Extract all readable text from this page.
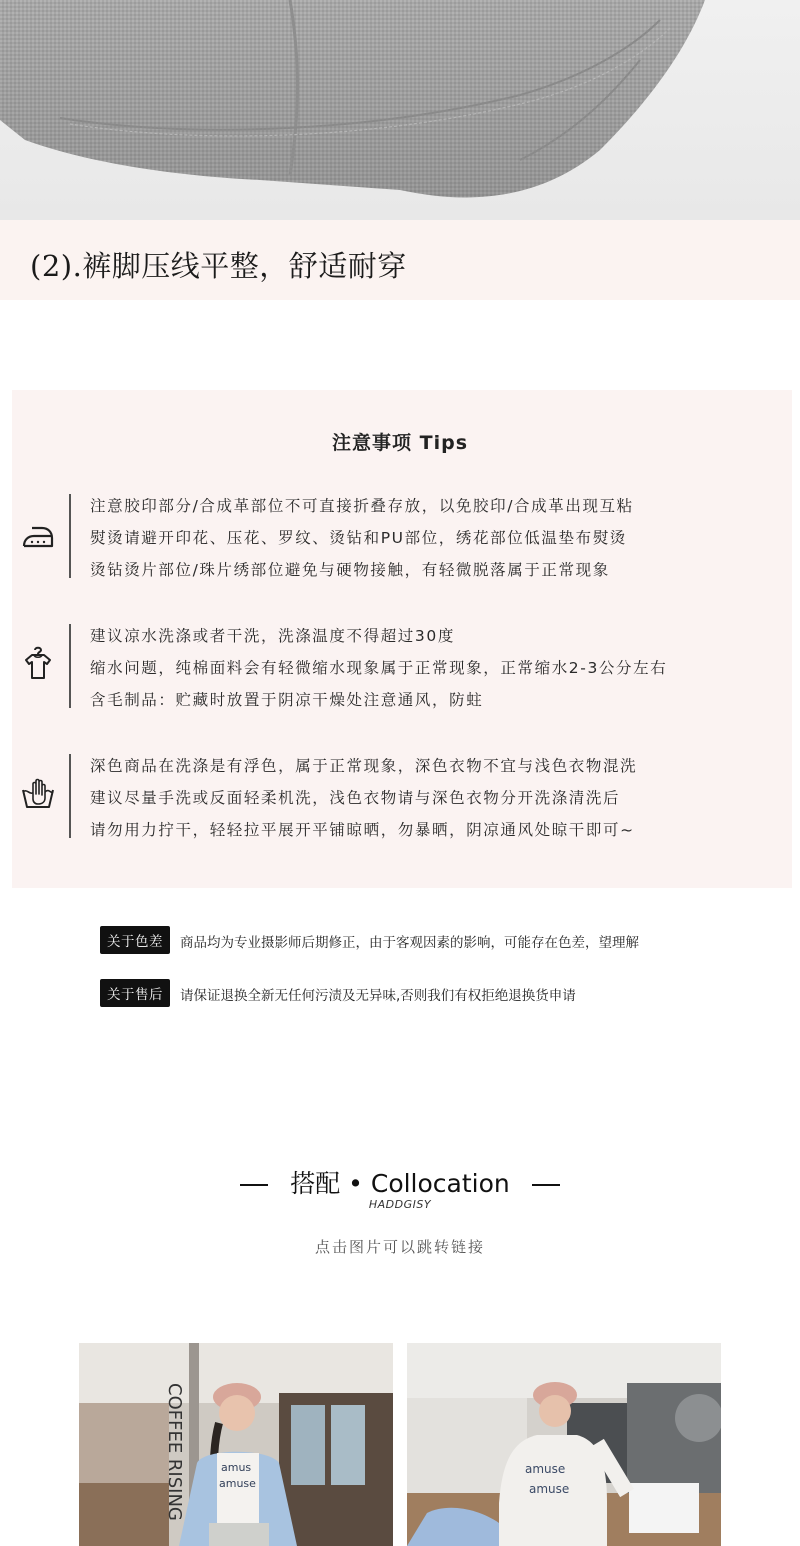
(2).裤脚压线平整，舒适耐穿
注意事项 Tips
注意胶印部分/合成革部位不可直接折叠存放，以免胶印/合成革出现互粘
熨烫请避开印花、压花、罗纹、烫钻和PU部位，绣花部位低温垫布熨烫
烫钻烫片部位/珠片绣部位避免与硬物接触，有轻微脱落属于正常现象
建议凉水洗涤或者干洗，洗涤温度不得超过30度
缩水问题，纯棉面料会有轻微缩水现象属于正常现象，正常缩水2-3公分左右
含毛制品：贮藏时放置于阴凉干燥处注意通风，防蛀
深色商品在洗涤是有浮色，属于正常现象，深色衣物不宜与浅色衣物混洗
建议尽量手洗或反面轻柔机洗，浅色衣物请与深色衣物分开洗涤清洗后
请勿用力拧干，轻轻拉平展开平铺晾晒，勿暴晒，阴凉通风处晾干即可~
关于色差	商品均为专业摄影师后期修正，由于客观因素的影响，可能存在色差，望理解
关于售后	请保证退换全新无任何污渍及无异味,否则我们有权拒绝退换货申请
搭配 • Collocation
HADDGISY
点击图片可以跳转链接
COFFEE RISING	amus
amuse
amuse
amuse
